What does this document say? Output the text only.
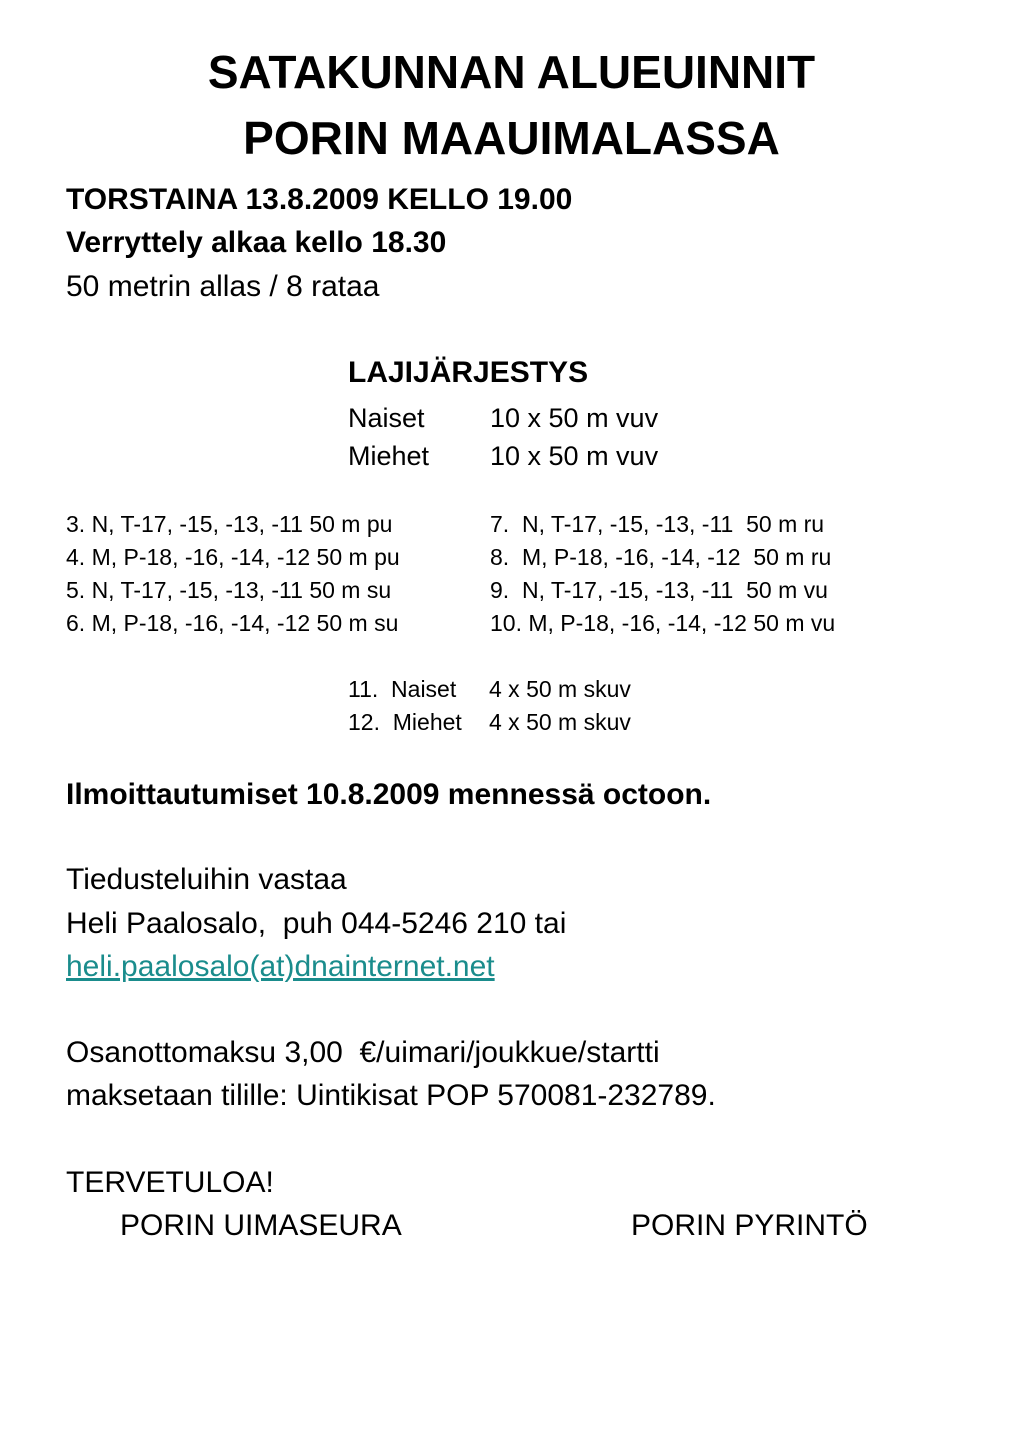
SATAKUNNAN ALUEUINNIT
PORIN MAAUIMALASSA
TORSTAINA 13.8.2009 KELLO 19.00
Verryttely alkaa kello 18.30
50 metrin allas / 8 rataa
LAJIJÄRJESTYS
Naiset 10 x 50 m vuv
Miehet 10 x 50 m vuv
3. N, T-17, -15, -13, -11 50 m pu
4. M, P-18, -16, -14, -12 50 m pu
5. N, T-17, -15, -13, -11 50 m su
6. M, P-18, -16, -14, -12 50 m su
7.  N, T-17, -15, -13, -11  50 m ru
8.  M, P-18, -16, -14, -12  50 m ru
9.  N, T-17, -15, -13, -11  50 m vu
10. M, P-18, -16, -14, -12 50 m vu
11.  Naiset 4 x 50 m skuv
12.  Miehet 4 x 50 m skuv
Ilmoittautumiset 10.8.2009 mennessä octoon.
Tiedusteluihin vastaa
Heli Paalosalo,  puh 044-5246 210 tai
heli.paalosalo(at)dnainternet.net
Osanottomaksu 3,00  €/uimari/joukkue/startti
maksetaan tilille: Uintikisat POP 570081-232789.
TERVETULOA!
PORIN UIMASEURA	PORIN PYRINTÖ
